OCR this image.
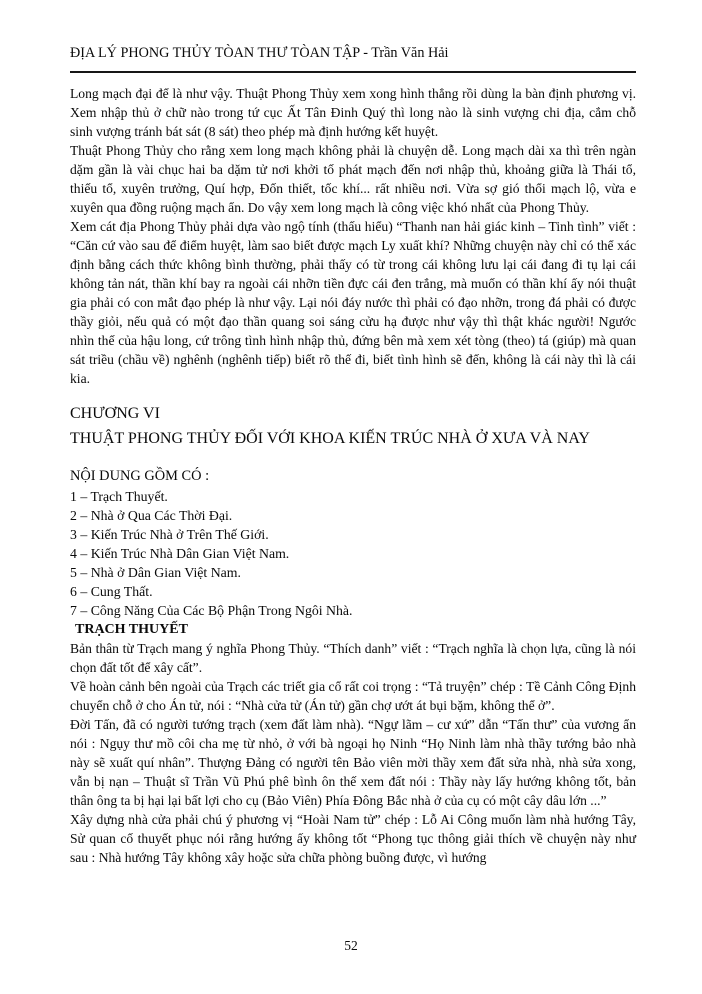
ĐỊA LÝ PHONG THỦY TÒAN THƯ TÒAN TẬP - Trần Văn Hải

Long mạch đại để là như vậy. Thuật Phong Thủy xem xong hình thẳng rồi dùng la bàn định phương vị. Xem nhập thủ ở chữ nào trong tứ cục Ất Tân Đinh Quý thì long nào là sinh vượng chi địa, cắm chỗ sinh vượng tránh bát sát (8 sát) theo phép mà định hướng kết huyệt.

Thuật Phong Thủy cho rằng xem long mạch không phải là chuyện dễ. Long mạch dài xa thì trên ngàn dặm gần là vài chục hai ba dặm tử nơi khởi tố phát mạch đến nơi nhập thủ, khoảng giữa là Thái tổ, thiếu tổ, xuyên trưởng, Quí hợp, Đốn thiết, tốc khí... rất nhiều nơi. Vừa sợ gió thổi mạch lộ, vừa e xuyên qua đồng ruộng mạch ẩn. Do vậy xem long mạch là công việc khó nhất của Phong Thủy.

Xem cát địa Phong Thủy phải dựa vào ngộ tính (thấu hiểu) “Thanh nan hải giác kinh – Tinh tình” viết : “Căn cứ vào sau để điểm huyệt, làm sao biết được mạch Ly xuất khí? Những chuyện này chỉ có thể xác định bằng cách thức không bình thường, phải thấy có từ trong cái không lưu lại cái đang đi tụ lại cái không tản nát, thần khí bay ra ngoài cái nhỡn tiền đực cái đen trắng, mà muốn có thần khí ấy nói thuật gia phải có con mắt đạo phép là như vậy. Lại nói đáy nước thì phải có đạo nhỡn, trong đá phải có được thầy giỏi, nếu quả có một đạo thần quang soi sáng cửu hạ được như vậy thì thật khác người! Ngước nhìn thế của hậu long, cứ trông tình hình nhập thủ, đứng bên mà xem xét tòng (theo) tá (giúp) mà quan sát triều (chầu về) nghênh (nghênh tiếp) biết rõ thế đi, biết tình hình sẽ đến, không là cái này thì là cái kia.

CHƯƠNG VI
THUẬT PHONG THỦY ĐỐI VỚI KHOA KIẾN TRÚC NHÀ Ở XƯA VÀ NAY
NỘI DUNG GỒM CÓ :
1 – Trạch Thuyết.
2 – Nhà ở Qua Các Thời Đại.
3 – Kiến Trúc Nhà ở Trên Thế Giới.
4 – Kiến Trúc Nhà Dân Gian Việt Nam.
5 – Nhà ở Dân Gian Việt Nam.
6 – Cung Thất.
7 – Công Năng Của Các Bộ Phận Trong Ngôi Nhà.
TRẠCH THUYẾT

Bản thân từ Trạch mang ý nghĩa Phong Thủy. “Thích danh” viết : “Trạch nghĩa là chọn lựa, cũng là nói chọn đất tốt để xây cất”.

Về hoàn cảnh bên ngoài của Trạch các triết gia cổ rất coi trọng : “Tả truyện” chép : Tề Cảnh Công Định chuyển chỗ ở cho Án tử, nói : “Nhà cửa tử (Án tử) gần chợ ướt át bụi bặm, không thể ở”.

Đời Tấn, đã có người tướng trạch (xem đất làm nhà). “Ngự lãm – cư xứ” dẫn “Tấn thư” của vương ẩn nói : Ngụy thư mồ côi cha mẹ từ nhỏ, ở với bà ngoại họ Ninh “Họ Ninh làm nhà thầy tướng bảo nhà này sẽ xuất quí nhân”. Thượng Đảng có người tên Bảo viên mời thầy xem đất sửa nhà, nhà sửa xong, vẫn bị nạn – Thuật sĩ Trần Vũ Phú phê bình ôn thế xem đất nói : Thầy này lấy hướng không tốt, bản thân ông ta bị hại lại bất lợi cho cụ (Bảo Viên) Phía Đông Bắc nhà ở của cụ có một cây dâu lớn ...”

Xây dựng nhà cửa phải chú ý phương vị “Hoài Nam tử” chép : Lỗ Ai Công muốn làm nhà hướng Tây, Sử quan cố thuyết phục nói rằng hướng ấy không tốt “Phong tục thông giải thích về chuyện này như sau : Nhà hướng Tây không xây hoặc sửa chữa phòng buồng được, vì hướng

52
